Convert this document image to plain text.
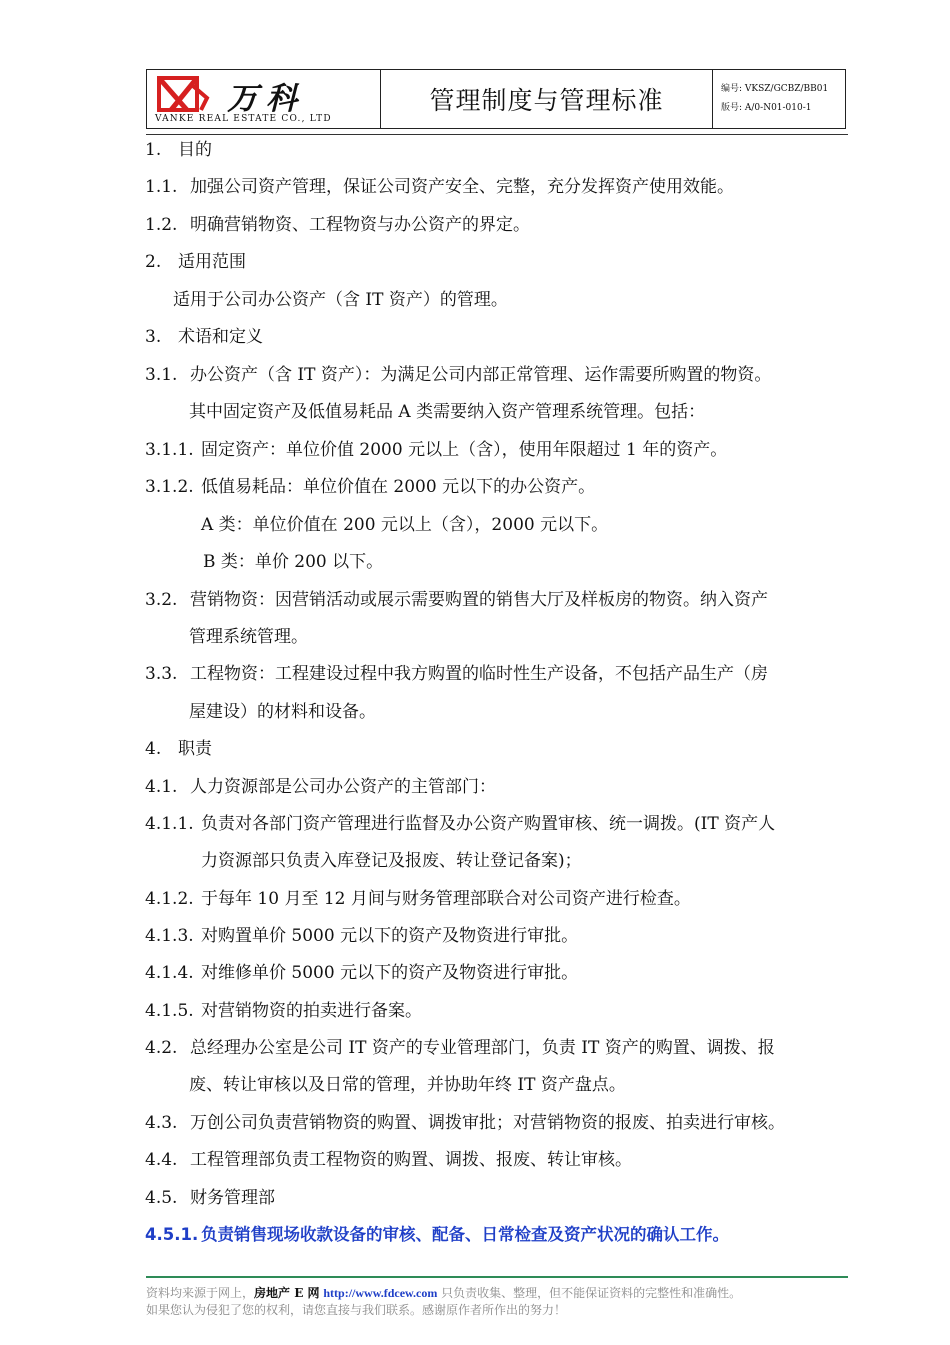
万科
VANKE REAL ESTATE CO., LTD
管理制度与管理标准	编号: VKSZ/GCBZ/BB01
版号: A/0-N01-010-1
1. 目的
1.1. 加强公司资产管理，保证公司资产安全、完整，充分发挥资产使用效能。
1.2. 明确营销物资、工程物资与办公资产的界定。
2. 适用范围
适用于公司办公资产（含 IT 资产）的管理。
3. 术语和定义
3.1. 办公资产（含 IT 资产）：为满足公司内部正常管理、运作需要所购置的物资。
其中固定资产及低值易耗品 A 类需要纳入资产管理系统管理。包括：
3.1.1. 固定资产：单位价值 2000 元以上（含），使用年限超过 1 年的资产。
3.1.2. 低值易耗品：单位价值在 2000 元以下的办公资产。
A 类：单位价值在 200 元以上（含），2000 元以下。
B 类：单价 200 以下。
3.2. 营销物资：因营销活动或展示需要购置的销售大厅及样板房的物资。纳入资产
管理系统管理。
3.3. 工程物资：工程建设过程中我方购置的临时性生产设备，不包括产品生产（房
屋建设）的材料和设备。
4. 职责
4.1. 人力资源部是公司办公资产的主管部门：
4.1.1. 负责对各部门资产管理进行监督及办公资产购置审核、统一调拨。(IT 资产人
力资源部只负责入库登记及报废、转让登记备案)；
4.1.2. 于每年 10 月至 12 月间与财务管理部联合对公司资产进行检查。
4.1.3. 对购置单价 5000 元以下的资产及物资进行审批。
4.1.4. 对维修单价 5000 元以下的资产及物资进行审批。
4.1.5. 对营销物资的拍卖进行备案。
4.2. 总经理办公室是公司 IT 资产的专业管理部门，负责 IT 资产的购置、调拨、报
废、转让审核以及日常的管理，并协助年终 IT 资产盘点。
4.3. 万创公司负责营销物资的购置、调拨审批；对营销物资的报废、拍卖进行审核。
4.4. 工程管理部负责工程物资的购置、调拨、报废、转让审核。
4.5. 财务管理部
4.5.1. 负责销售现场收款设备的审核、配备、日常检查及资产状况的确认工作。
资料均来源于网上，房地产 E 网 http://www.fdcew.com 只负责收集、整理，但不能保证资料的完整性和准确性。
如果您认为侵犯了您的权利，请您直接与我们联系。感谢原作者所作出的努力！
